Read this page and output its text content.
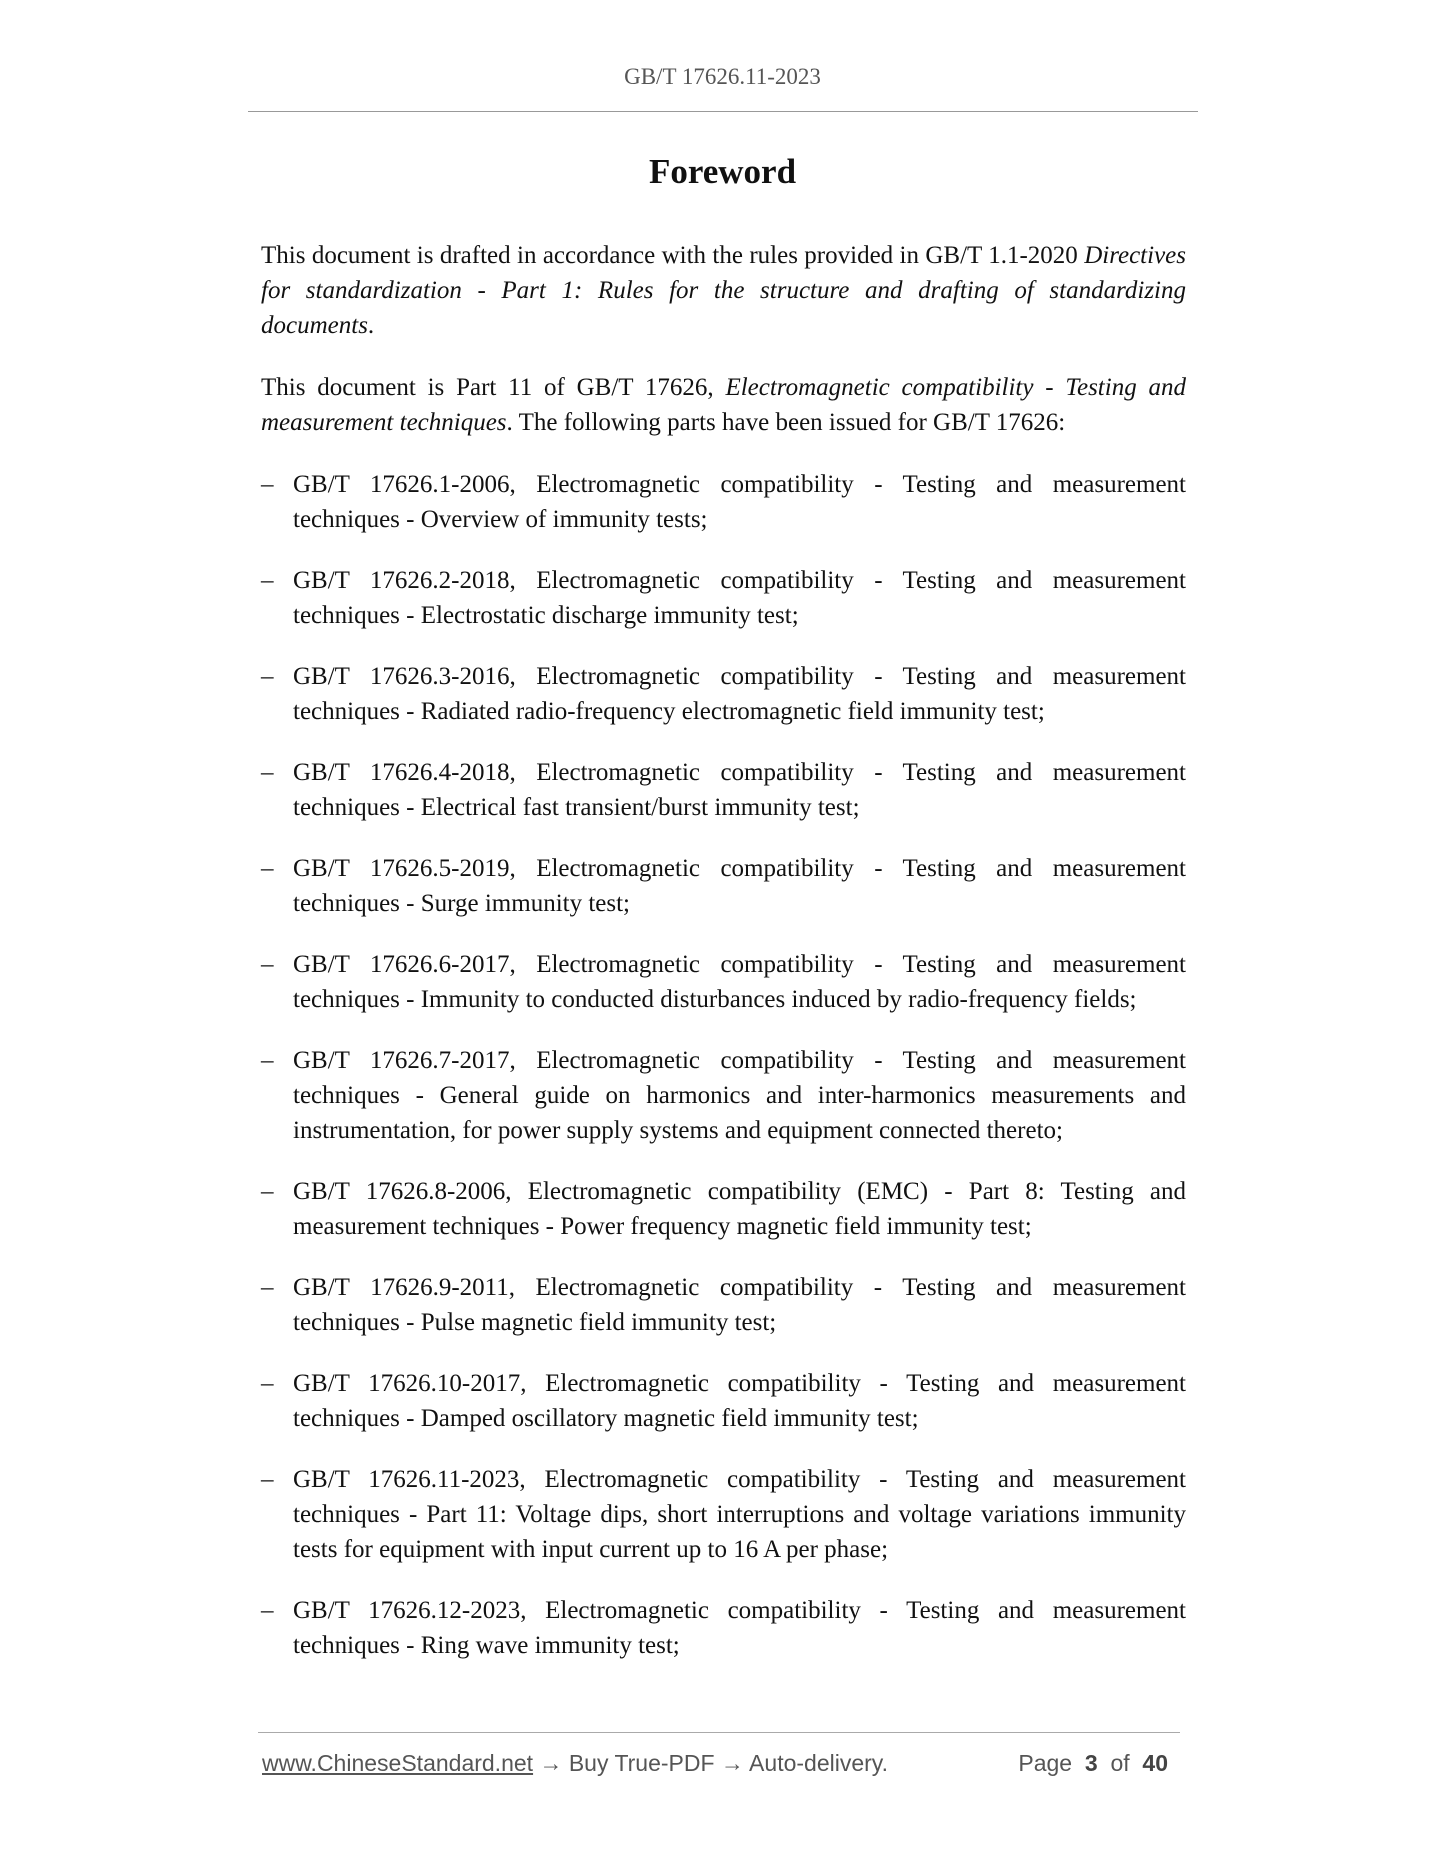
GB/T 17626.11-2023
Foreword

This document is drafted in accordance with the rules provided in GB/T 1.1-2020 Directives for standardization - Part 1: Rules for the structure and drafting of standardizing documents.

This document is Part 11 of GB/T 17626, Electromagnetic compatibility - Testing and measurement techniques. The following parts have been issued for GB/T 17626:

– GB/T 17626.1-2006, Electromagnetic compatibility - Testing and measurement techniques - Overview of immunity tests;
– GB/T 17626.2-2018, Electromagnetic compatibility - Testing and measurement techniques - Electrostatic discharge immunity test;
– GB/T 17626.3-2016, Electromagnetic compatibility - Testing and measurement techniques - Radiated radio-frequency electromagnetic field immunity test;
– GB/T 17626.4-2018, Electromagnetic compatibility - Testing and measurement techniques - Electrical fast transient/burst immunity test;
– GB/T 17626.5-2019, Electromagnetic compatibility - Testing and measurement techniques - Surge immunity test;
– GB/T 17626.6-2017, Electromagnetic compatibility - Testing and measurement techniques - Immunity to conducted disturbances induced by radio-frequency fields;
– GB/T 17626.7-2017, Electromagnetic compatibility - Testing and measurement techniques - General guide on harmonics and inter-harmonics measurements and instrumentation, for power supply systems and equipment connected thereto;
– GB/T 17626.8-2006, Electromagnetic compatibility (EMC) - Part 8: Testing and measurement techniques - Power frequency magnetic field immunity test;
– GB/T 17626.9-2011, Electromagnetic compatibility - Testing and measurement techniques - Pulse magnetic field immunity test;
– GB/T 17626.10-2017, Electromagnetic compatibility - Testing and measurement techniques - Damped oscillatory magnetic field immunity test;
– GB/T 17626.11-2023, Electromagnetic compatibility - Testing and measurement techniques - Part 11: Voltage dips, short interruptions and voltage variations immunity tests for equipment with input current up to 16 A per phase;
– GB/T 17626.12-2023, Electromagnetic compatibility - Testing and measurement techniques - Ring wave immunity test;
www.ChineseStandard.net → Buy True-PDF → Auto-delivery.	Page 3 of 40
